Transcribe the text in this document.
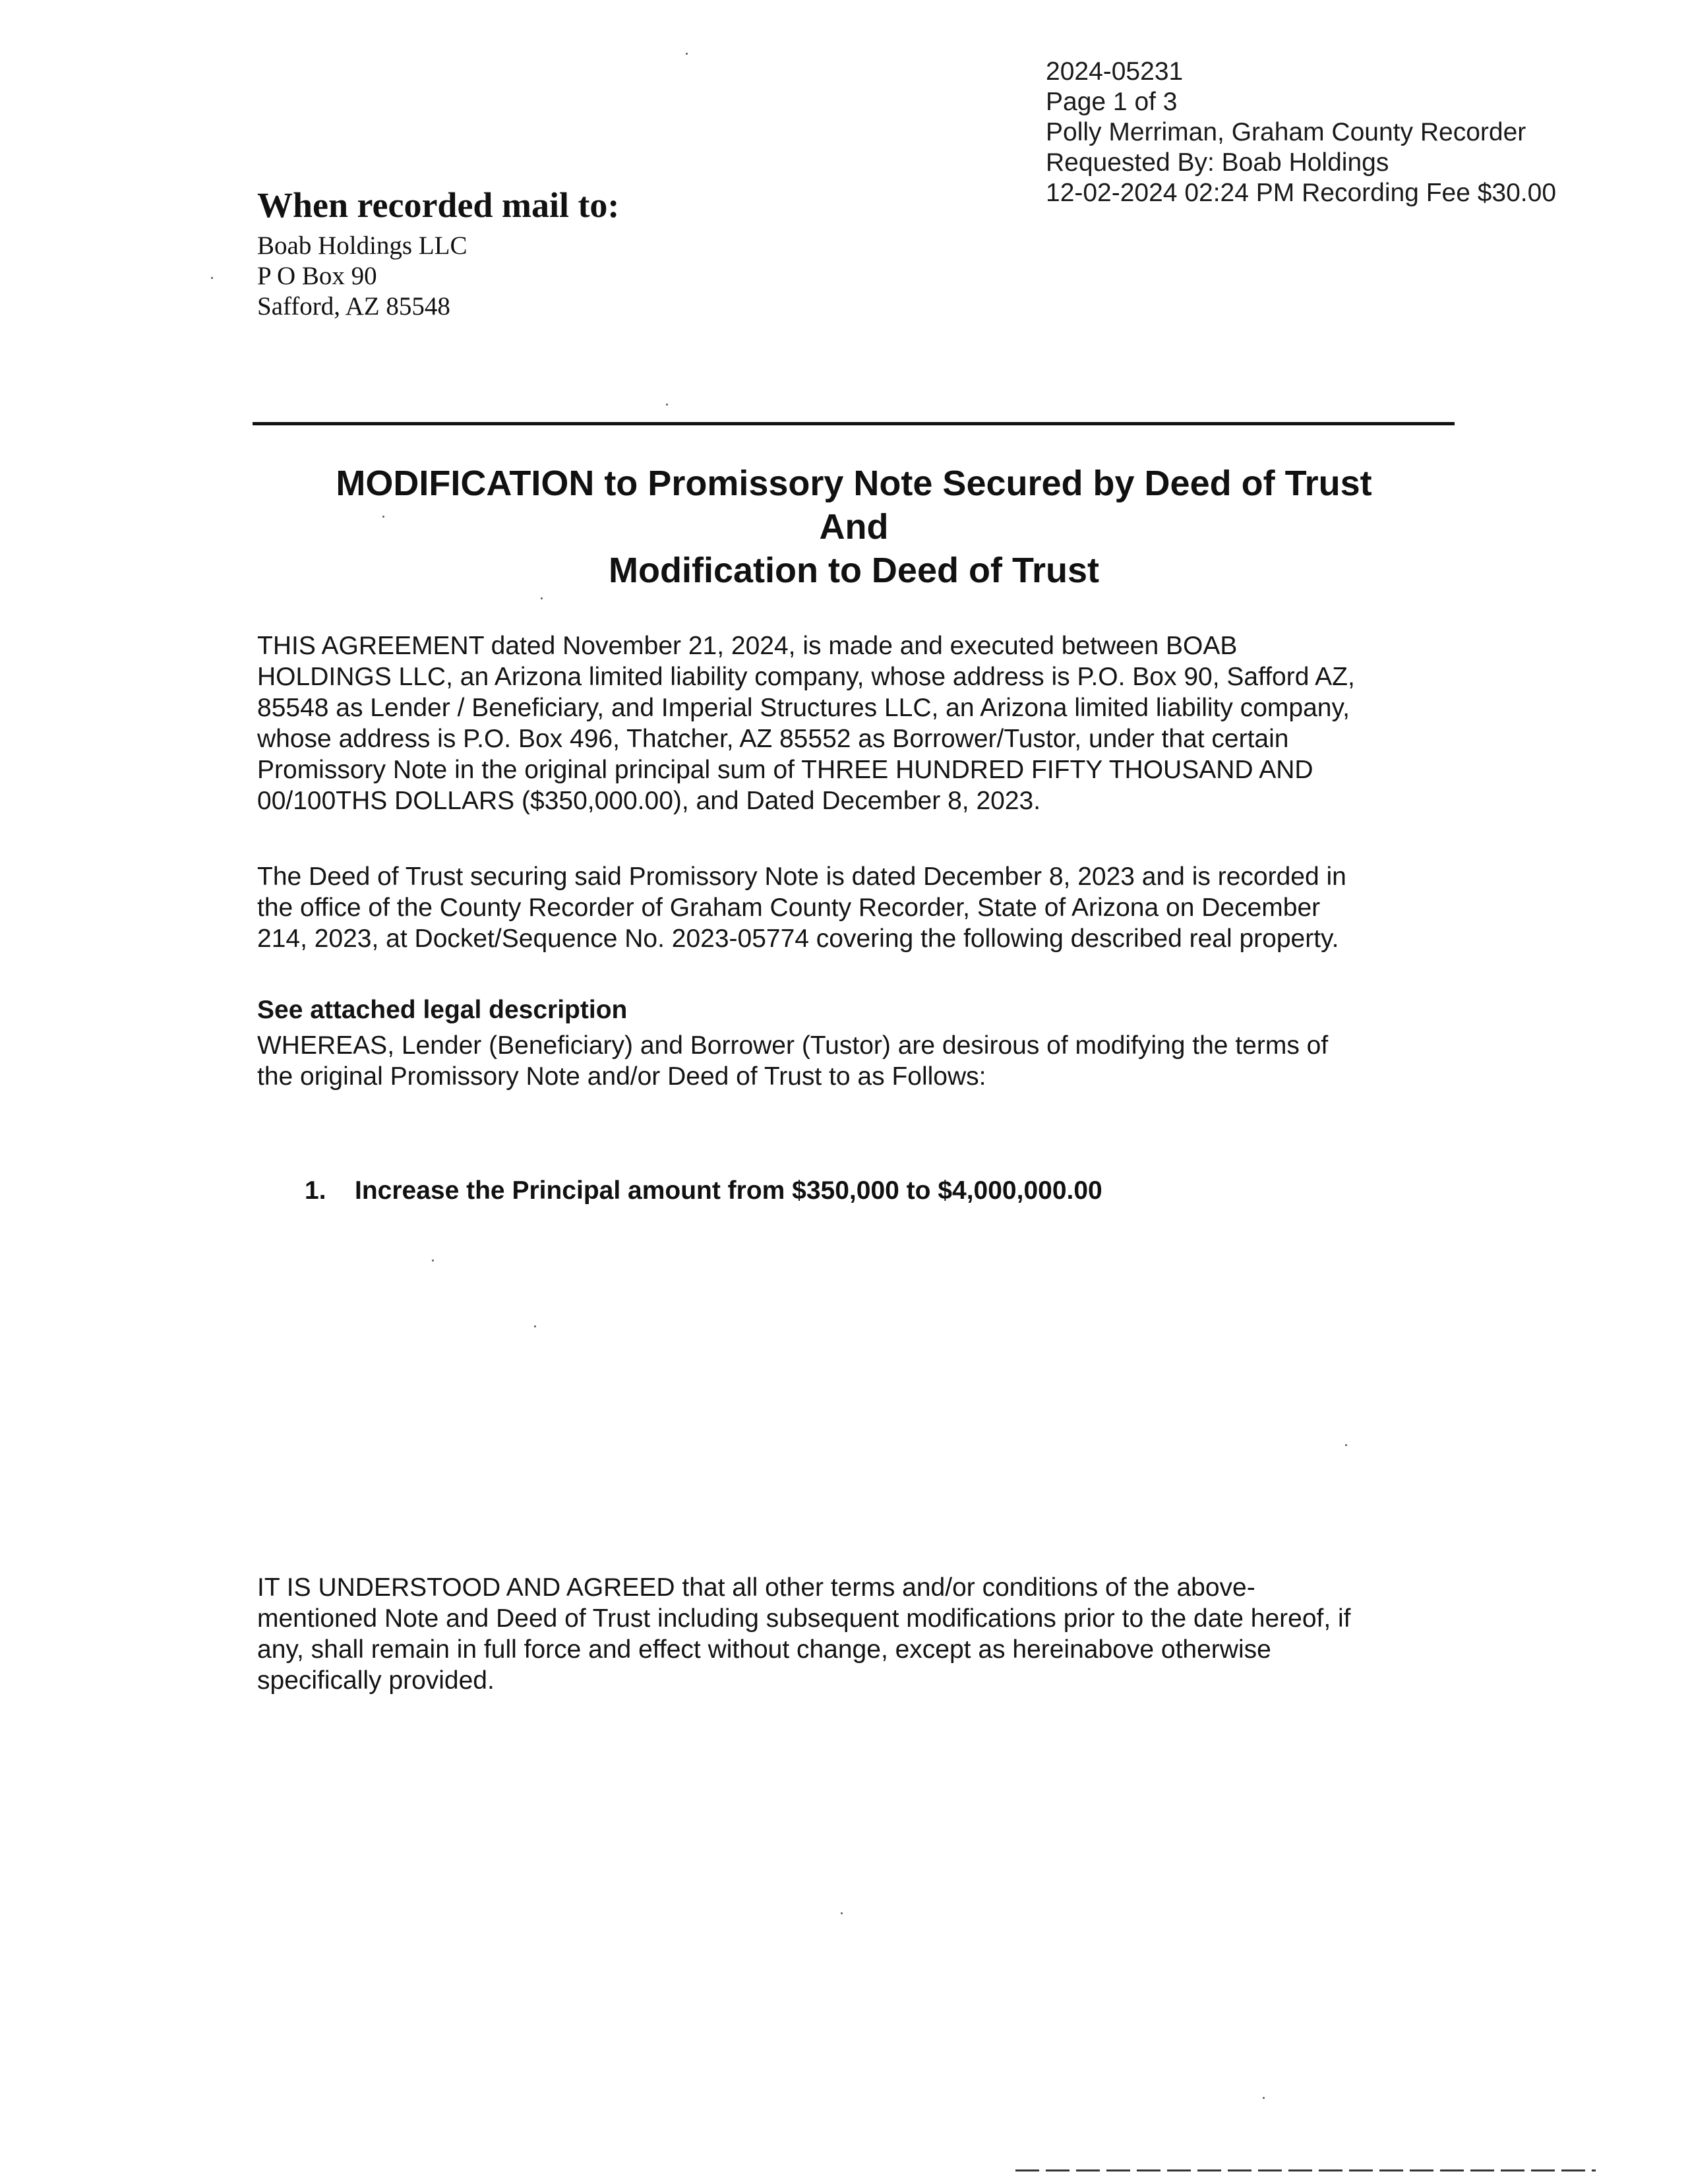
2024-05231
Page 1 of 3
Polly Merriman, Graham County Recorder
Requested By: Boab Holdings
12-02-2024 02:24 PM Recording Fee $30.00
When recorded mail to:
Boab Holdings LLC
P O Box 90
Safford, AZ 85548
MODIFICATION to Promissory Note Secured by Deed of Trust
And
Modification to Deed of Trust
THIS AGREEMENT dated November 21, 2024, is made and executed between BOAB
HOLDINGS LLC, an Arizona limited liability company, whose address is P.O. Box 90, Safford AZ,
85548 as Lender / Beneficiary, and Imperial Structures LLC, an Arizona limited liability company,
whose address is P.O. Box 496, Thatcher, AZ 85552 as Borrower/Tustor, under that certain
Promissory Note in the original principal sum of THREE HUNDRED FIFTY THOUSAND AND
00/100THS DOLLARS ($350,000.00), and Dated December 8, 2023.
The Deed of Trust securing said Promissory Note is dated December 8, 2023 and is recorded in
the office of the County Recorder of Graham County Recorder, State of Arizona on December
214, 2023, at Docket/Sequence No. 2023-05774 covering the following described real property.
See attached legal description
WHEREAS, Lender (Beneficiary) and Borrower (Tustor) are desirous of modifying the terms of
the original Promissory Note and/or Deed of Trust to as Follows:
1. Increase the Principal amount from $350,000 to $4,000,000.00
IT IS UNDERSTOOD AND AGREED that all other terms and/or conditions of the above-
mentioned Note and Deed of Trust including subsequent modifications prior to the date hereof, if
any, shall remain in full force and effect without change, except as hereinabove otherwise
specifically provided.
